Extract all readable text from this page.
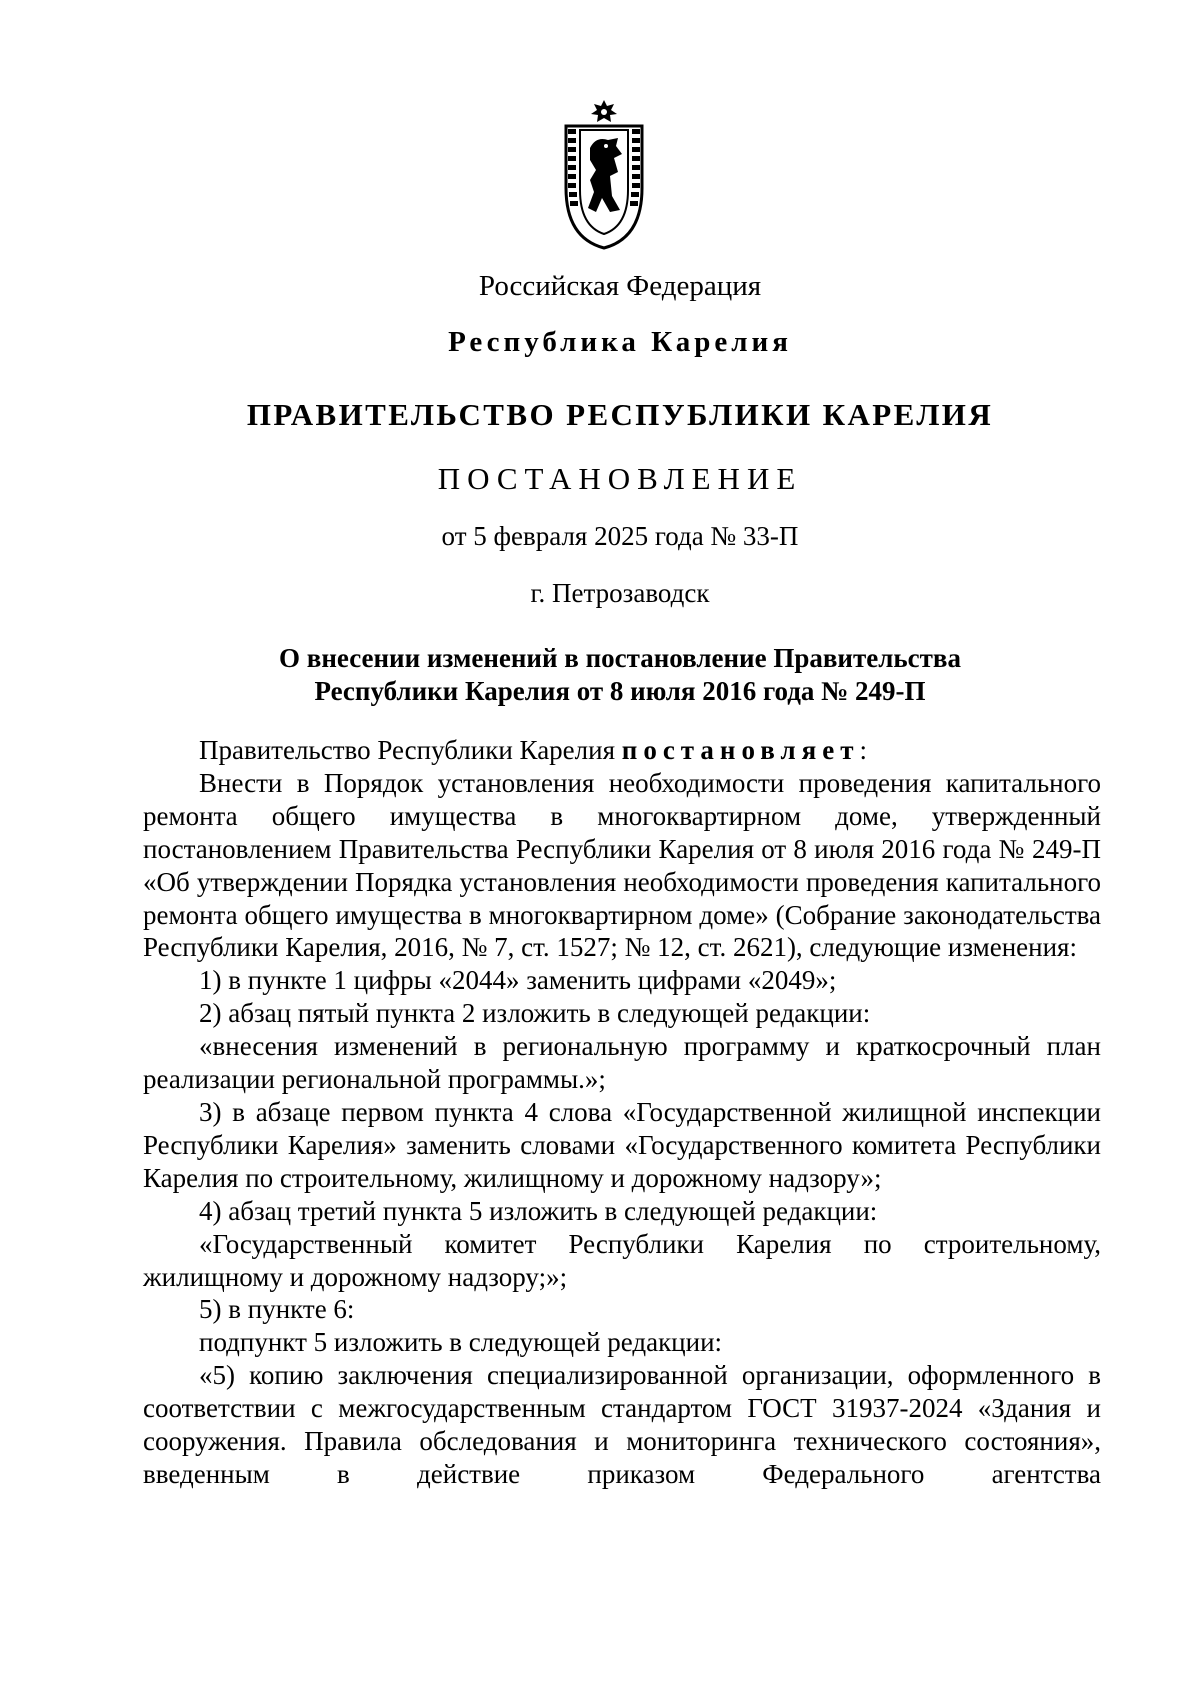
Российская Федерация
Республика Карелия
ПРАВИТЕЛЬСТВО РЕСПУБЛИКИ КАРЕЛИЯ
ПОСТАНОВЛЕНИЕ
от 5 февраля 2025 года № 33-П
г. Петрозаводск
О внесении изменений в постановление Правительства
Республики Карелия от 8 июля 2016 года № 249-П

Правительство Республики Карелия постановляет:

Внести в Порядок установления необходимости проведения капитального ремонта общего имущества в многоквартирном доме, утвержденный постановлением Правительства Республики Карелия от 8 июля 2016 года № 249-П «Об утверждении Порядка установления необходимости проведения капитального ремонта общего имущества в многоквартирном доме» (Собрание законодательства Республики Карелия, 2016, № 7, ст. 1527; № 12, ст. 2621), следующие изменения:

1) в пункте 1 цифры «2044» заменить цифрами «2049»;

2) абзац пятый пункта 2 изложить в следующей редакции:

«внесения изменений в региональную программу и краткосрочный план реализации региональной программы.»;

3) в абзаце первом пункта 4 слова «Государственной жилищной инспекции Республики Карелия» заменить словами «Государственного комитета Республики Карелия по строительному, жилищному и дорожному надзору»;

4) абзац третий пункта 5 изложить в следующей редакции:

«Государственный комитет Республики Карелия по строительному, жилищному и дорожному надзору;»;

5) в пункте 6:

подпункт 5 изложить в следующей редакции:

«5) копию заключения специализированной организации, оформленного в соответствии с межгосударственным стандартом ГОСТ 31937-2024 «Здания и сооружения. Правила обследования и мониторинга технического состояния», введенным в действие приказом Федерального агентства
